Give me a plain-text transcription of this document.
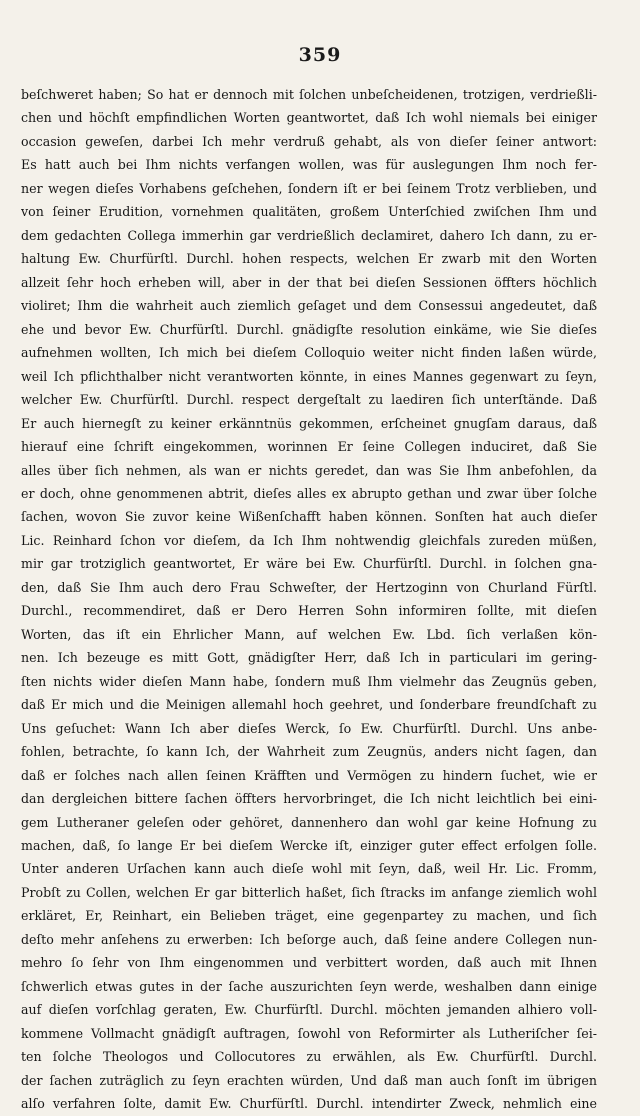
359
beſchweret haben; So hat er dennoch mit ſolchen unbeſcheidenen, trotzigen, verdrießli-
chen und höchſt empfindlichen Worten geantwortet, daß Ich wohl niemals bei einiger
occasion geweſen, darbei Ich mehr verdruß gehabt, als von dieſer ſeiner antwort:
Es hatt auch bei Ihm nichts verfangen wollen, was für auslegungen Ihm noch fer-
ner wegen dieſes Vorhabens geſchehen, ſondern iſt er bei ſeinem Trotz verblieben, und
von ſeiner Erudition, vornehmen qualitäten, großem Unterſchied zwiſchen Ihm und
dem gedachten Collega immerhin gar verdrießlich declamiret, dahero Ich dann, zu er-
haltung Ew. Churfürſtl. Durchl. hohen respects, welchen Er zwarb mit den Worten
allzeit ſehr hoch erheben will, aber in der that bei dieſen Sessionen öffters höchlich
violiret; Ihm die wahrheit auch ziemlich geſaget und dem Consessui angedeutet, daß
ehe und bevor Ew. Churfürſtl. Durchl. gnädigſte resolution einkäme, wie Sie dieſes
aufnehmen wollten, Ich mich bei dieſem Colloquio weiter nicht finden laßen würde,
weil Ich pflichthalber nicht verantworten könnte, in eines Mannes gegenwart zu ſeyn,
welcher Ew. Churfürſtl. Durchl. respect dergeſtalt zu laediren ſich unterſtände. Daß
Er auch hiernegſt zu keiner erkänntnüs gekommen, erſcheinet gnugſam daraus, daß
hierauf eine ſchrift eingekommen, worinnen Er ſeine Collegen induciret, daß Sie
alles über ſich nehmen, als wan er nichts geredet, dan was Sie Ihm anbefohlen, da
er doch, ohne genommenen abtrit, dieſes alles ex abrupto gethan und zwar über ſolche
ſachen, wovon Sie zuvor keine Wißenſchafft haben können. Sonſten hat auch dieſer
Lic. Reinhard ſchon vor dieſem, da Ich Ihm nohtwendig gleichfals zureden müßen,
mir gar trotziglich geantwortet, Er wäre bei Ew. Churfürſtl. Durchl. in ſolchen gna-
den, daß Sie Ihm auch dero Frau Schweſter, der Hertzoginn von Churland Fürſtl.
Durchl., recommendiret, daß er Dero Herren Sohn informiren ſollte, mit dieſen
Worten, das iſt ein Ehrlicher Mann, auf welchen Ew. Lbd. ſich verlaßen kön-
nen. Ich bezeuge es mitt Gott, gnädigſter Herr, daß Ich in particulari im gering-
ſten nichts wider dieſen Mann habe, ſondern muß Ihm vielmehr das Zeugnüs geben,
daß Er mich und die Meinigen allemahl hoch geehret, und ſonderbare freundſchaft zu
Uns geſuchet: Wann Ich aber dieſes Werck, ſo Ew. Churfürſtl. Durchl. Uns anbe-
fohlen, betrachte, ſo kann Ich, der Wahrheit zum Zeugnüs, anders nicht ſagen, dan
daß er ſolches nach allen ſeinen Kräfften und Vermögen zu hindern ſuchet, wie er
dan dergleichen bittere ſachen öffters hervorbringet, die Ich nicht leichtlich bei eini-
gem Lutheraner geleſen oder gehöret, dannenhero dan wohl gar keine Hofnung zu
machen, daß, ſo lange Er bei dieſem Wercke iſt, einziger guter effect erfolgen ſolle.
Unter anderen Urſachen kann auch dieſe wohl mit ſeyn, daß, weil Hr. Lic. Fromm,
Probſt zu Collen, welchen Er gar bitterlich haßet, ſich ſtracks im anfange ziemlich wohl
erkläret, Er, Reinhart, ein Belieben träget, eine gegenpartey zu machen, und ſich
deſto mehr anſehens zu erwerben: Ich beſorge auch, daß ſeine andere Collegen nun-
mehro ſo ſehr von Ihm eingenommen und verbittert worden, daß auch mit Ihnen
ſchwerlich etwas gutes in der ſache auszurichten ſeyn werde, weshalben dann einige
auf dieſen vorſchlag geraten, Ew. Churfürſtl. Durchl. möchten jemanden alhiero voll-
kommene Vollmacht gnädigſt auftragen, ſowohl von Reformirter als Lutheriſcher ſei-
ten ſolche Theologos und Collocutores zu erwählen, als Ew. Churfürſtl. Durchl.
der ſachen zuträglich zu ſeyn erachten würden, Und daß man auch ſonſt im übrigen
alſo verfahren ſolte, damit Ew. Churfürſtl. Durchl. intendirter Zweck, nehmlich eine
